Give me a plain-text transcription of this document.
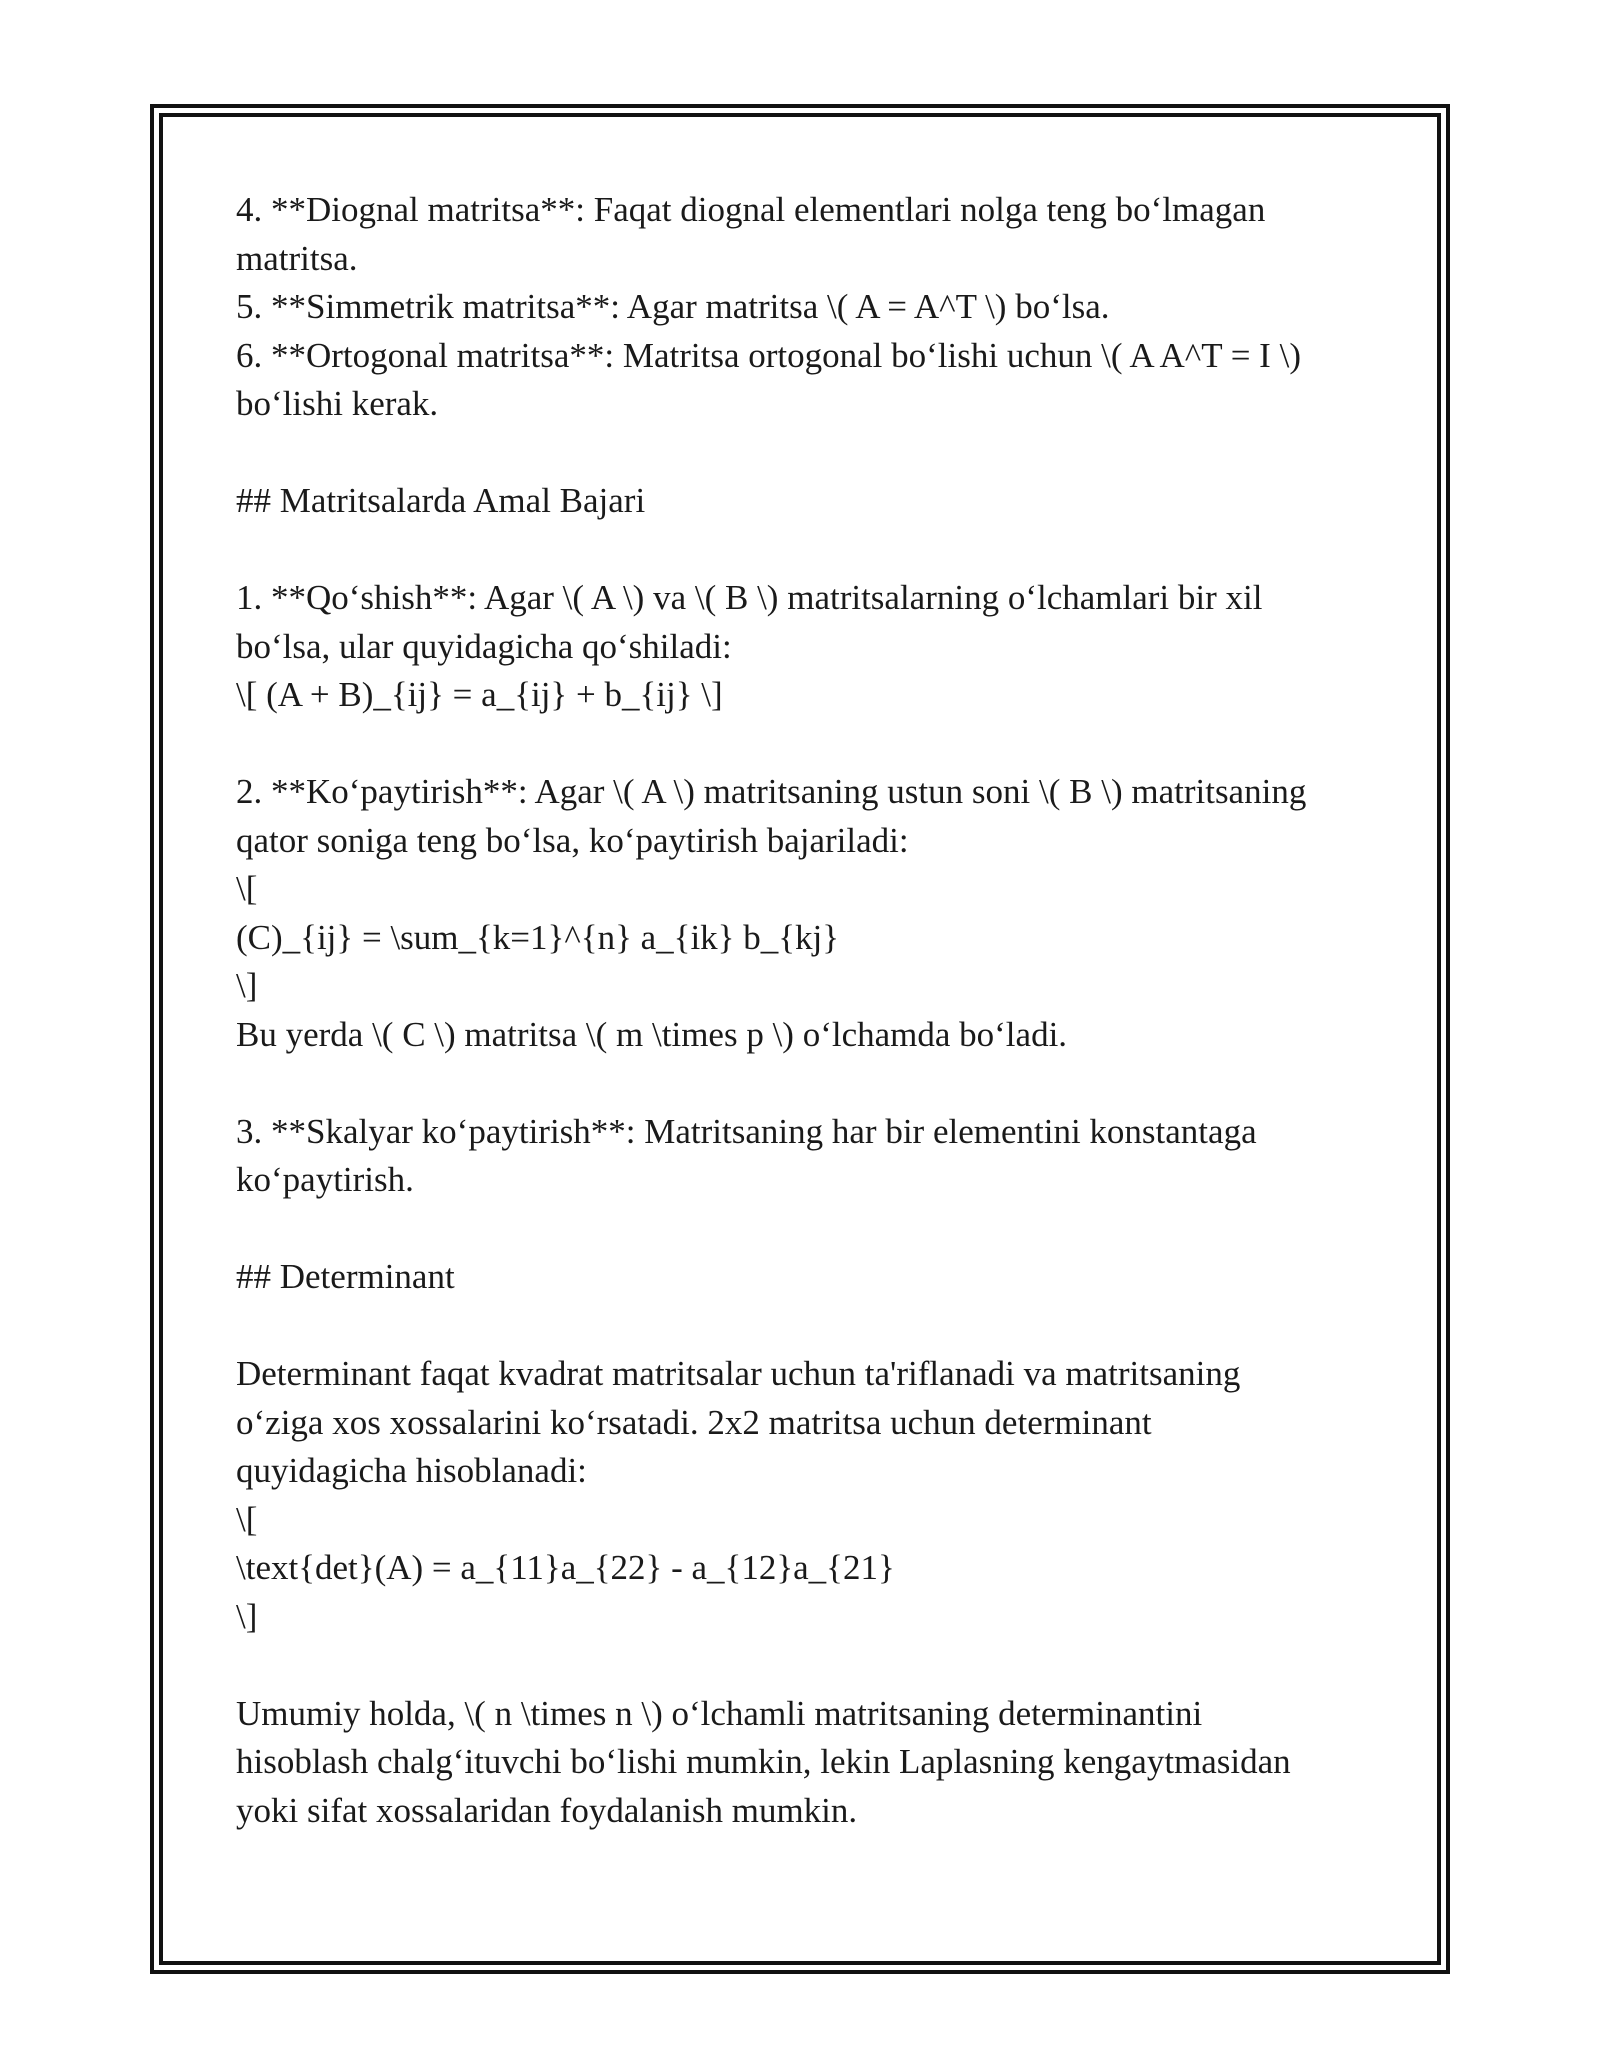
4. **Diognal matritsa**: Faqat diognal elementlari nolga teng bo‘lmagan
matritsa.
5. **Simmetrik matritsa**: Agar matritsa \( A = A^T \) bo‘lsa.
6. **Ortogonal matritsa**: Matritsa ortogonal bo‘lishi uchun \( A A^T = I \)
bo‘lishi kerak.
## Matritsalarda Amal Bajari
1. **Qo‘shish**: Agar \( A \) va \( B \) matritsalarning o‘lchamlari bir xil
bo‘lsa, ular quyidagicha qo‘shiladi:
\[ (A + B)_{ij} = a_{ij} + b_{ij} \]
2. **Ko‘paytirish**: Agar \( A \) matritsaning ustun soni \( B \) matritsaning
qator soniga teng bo‘lsa, ko‘paytirish bajariladi:
\[
(C)_{ij} = \sum_{k=1}^{n} a_{ik} b_{kj}
\]
Bu yerda \( C \) matritsa \( m \times p \) o‘lchamda bo‘ladi.
3. **Skalyar ko‘paytirish**: Matritsaning har bir elementini konstantaga
ko‘paytirish.
## Determinant
Determinant faqat kvadrat matritsalar uchun ta'riflanadi va matritsaning
o‘ziga xos xossalarini ko‘rsatadi. 2x2 matritsa uchun determinant
quyidagicha hisoblanadi:
\[
\text{det}(A) = a_{11}a_{22} - a_{12}a_{21}
\]
Umumiy holda, \( n \times n \) o‘lchamli matritsaning determinantini
hisoblash chalg‘ituvchi bo‘lishi mumkin, lekin Laplasning kengaytmasidan
yoki sifat xossalaridan foydalanish mumkin.
